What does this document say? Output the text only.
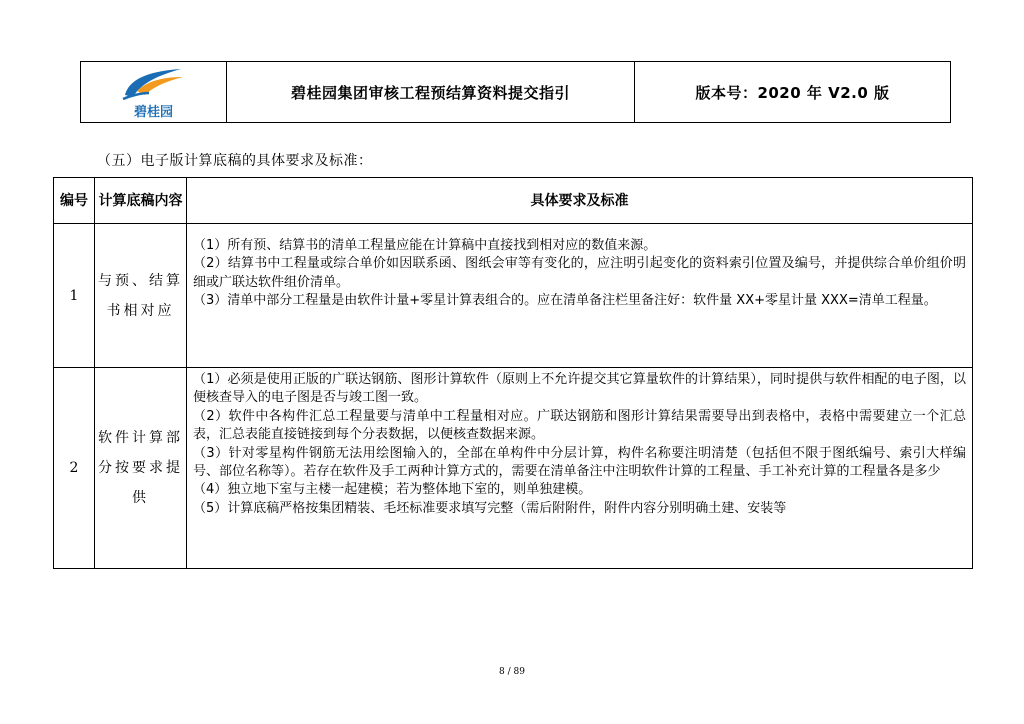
碧桂园
	碧桂园集团审核工程预结算资料提交指引	版本号：2020 年 V2.0 版
（五）电子版计算底稿的具体要求及标准：
编号	计算底稿内容	具体要求及标准
1	与预、结算书相对应	（1）所有预、结算书的清单工程量应能在计算稿中直接找到相对应的数值来源。
（2）结算书中工程量或综合单价如因联系函、图纸会审等有变化的，应注明引起变化的资料索引位置及编号，并提供综合单价组价明细或广联达软件组价清单。
（3）清单中部分工程量是由软件计量+零星计算表组合的。应在清单备注栏里备注好：软件量 XX+零星计量 XXX=清单工程量。

2	软件计算部分按要求提供	（1）必须是使用正版的广联达钢筋、图形计算软件（原则上不允许提交其它算量软件的计算结果），同时提供与软件相配的电子图，以便核查导入的电子图是否与竣工图一致。
（2）软件中各构件汇总工程量要与清单中工程量相对应。广联达钢筋和图形计算结果需要导出到表格中，表格中需要建立一个汇总表，汇总表能直接链接到每个分表数据，以便核查数据来源。
（3）针对零星构件钢筋无法用绘图输入的，全部在单构件中分层计算，构件名称要注明清楚（包括但不限于图纸编号、索引大样编号、部位名称等）。若存在软件及手工两种计算方式的，需要在清单备注中注明软件计算的工程量、手工补充计算的工程量各是多少
（4）独立地下室与主楼一起建模；若为整体地下室的，则单独建模。
（5）计算底稿严格按集团精装、毛坯标准要求填写完整（需后附附件，附件内容分别明确土建、安装等
8 / 89
